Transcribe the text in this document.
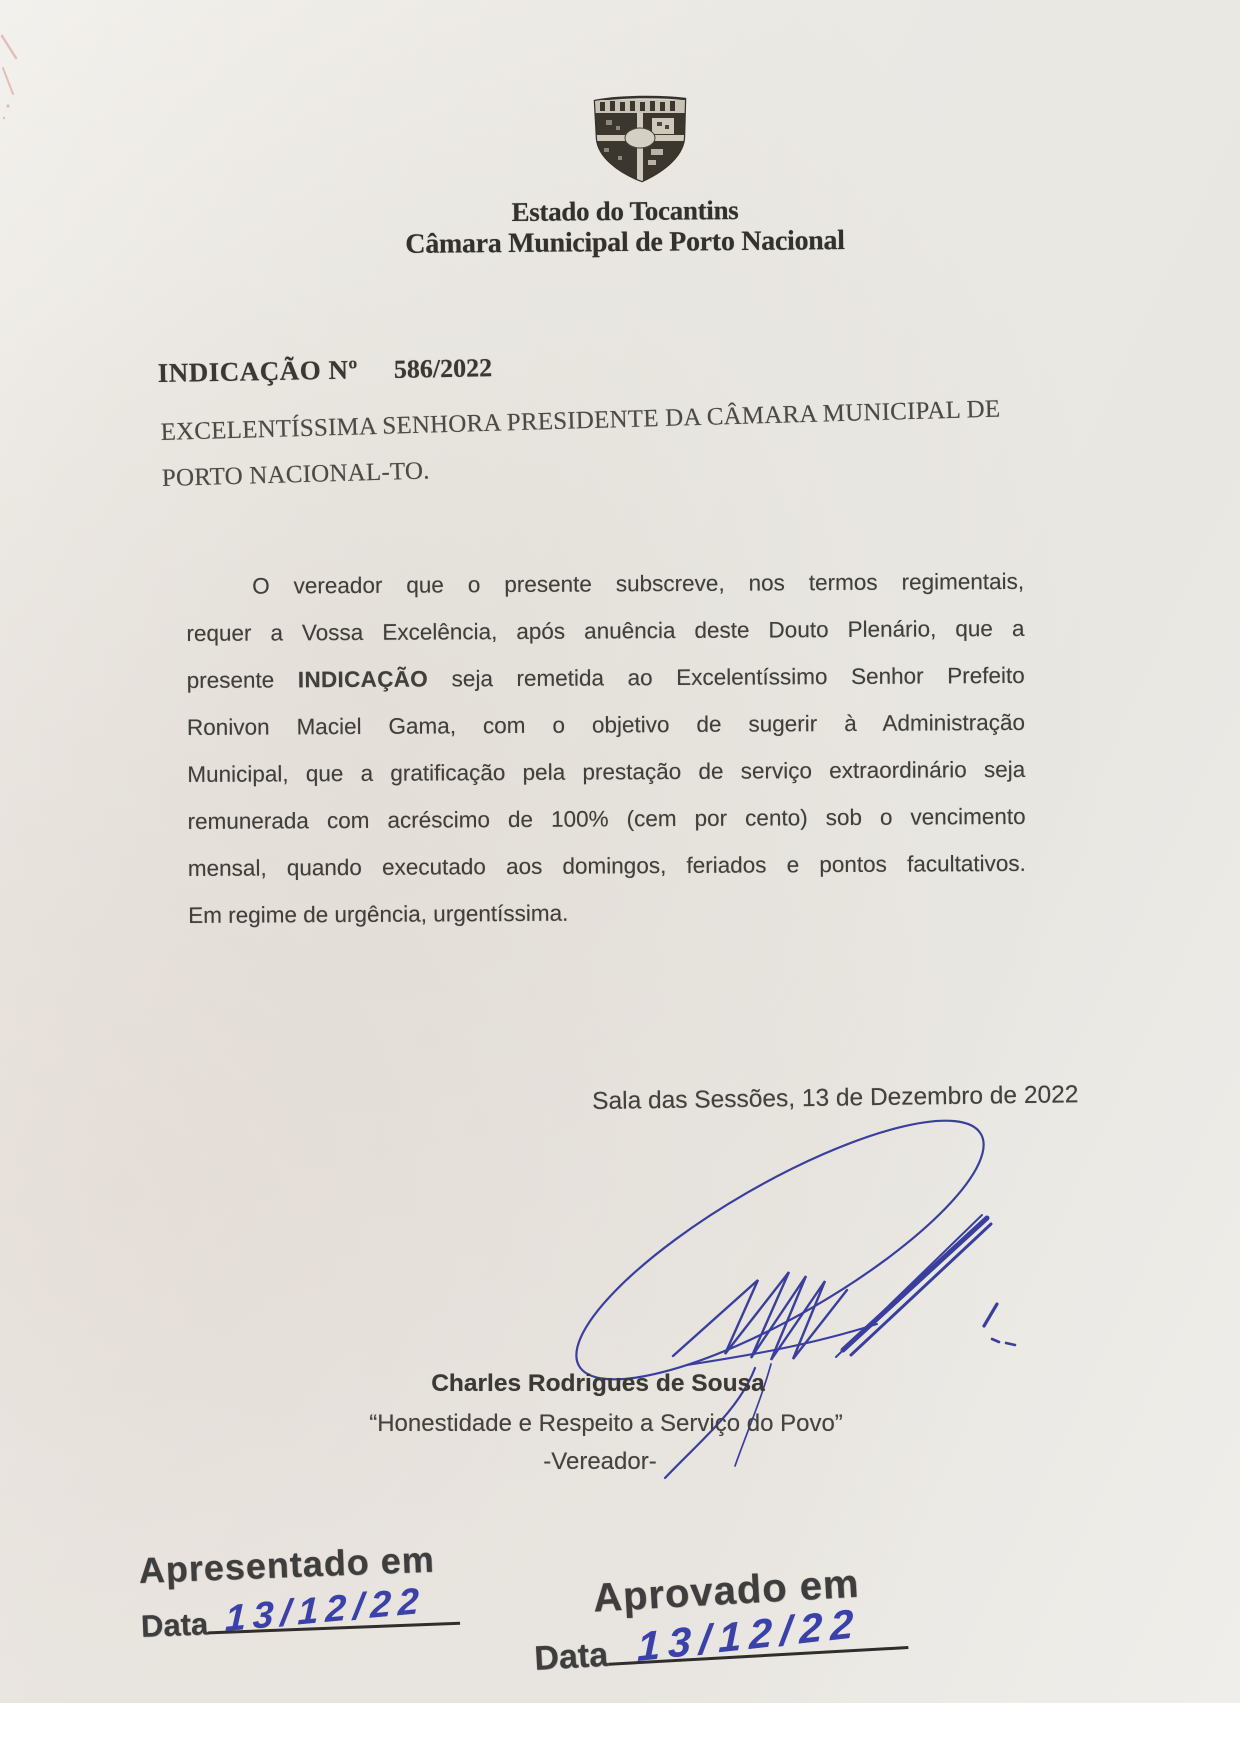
Estado do Tocantins
Câmara Municipal de Porto Nacional
INDICAÇÃO Nº 586/2022
EXCELENTÍSSIMA SENHORA PRESIDENTE DA CÂMARA MUNICIPAL DE
PORTO NACIONAL-TO.
O vereador que o presente subscreve, nos termos regimentais,
requer a Vossa Excelência, após anuência deste Douto Plenário, que a
presente INDICAÇÃO seja remetida ao Excelentíssimo Senhor Prefeito
Ronivon Maciel Gama, com o objetivo de sugerir à Administração
Municipal, que a gratificação pela prestação de serviço extraordinário seja
remunerada com acréscimo de 100% (cem por cento) sob o vencimento
mensal, quando executado aos domingos, feriados e pontos facultativos.
Em regime de urgência, urgentíssima.
Sala das Sessões, 13 de Dezembro de 2022
Charles Rodrigues de Sousa
“Honestidade e Respeito a Serviço do Povo”
-Vereador-
Apresentado em
Data 13/12/22	Aprovado em
Data 13/12/22
